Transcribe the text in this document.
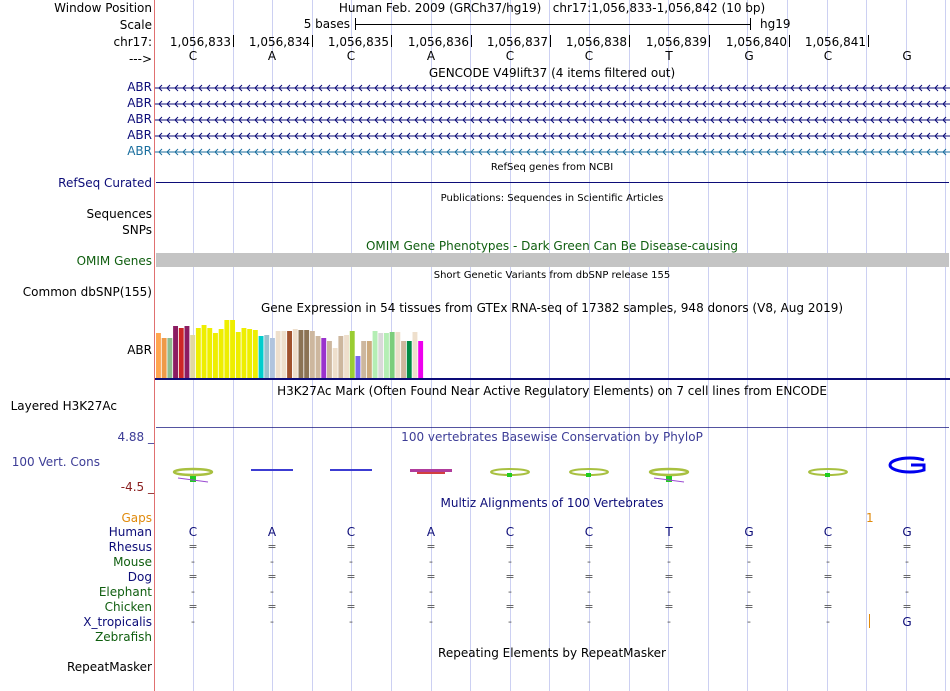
Window Position
Scale
chr17:
--->
Human Feb. 2009 (GRCh37/hg19)   chr17:1,056,833-1,056,842 (10 bp)
5 bases	hg19
1,056,833 1,056,834 1,056,835 1,056,836 1,056,837 1,056,838 1,056,839 1,056,840 1,056,841
C	A	C	A	C	C	T	G	C	G
GENCODE V49lift37 (4 items filtered out)
ABR
ABR
ABR
ABR
ABR
RefSeq genes from NCBI
RefSeq Curated
Publications: Sequences in Scientific Articles
Sequences
SNPs
OMIM Gene Phenotypes - Dark Green Can Be Disease-causing
OMIM Genes
Short Genetic Variants from dbSNP release 155
Common dbSNP(155)
Gene Expression in 54 tissues from GTEx RNA-seq of 17382 samples, 948 donors (V8, Aug 2019)
ABR
H3K27Ac Mark (Often Found Near Active Regulatory Elements) on 7 cell lines from ENCODE
Layered H3K27Ac
100 vertebrates Basewise Conservation by PhyloP
4.88 _
100 Vert. Cons
-4.5 _
Multiz Alignments of 100 Vertebrates
Gaps	1
Human	C	A	C	A	C	C	T	G	C	G
Rhesus	=	=	=	=	=	=	=	=	=	=
Mouse	-	-	-	-	-	-	-	-	-	-
Dog	=	=	=	=	=	=	=	=	=	=
Elephant	-	-	-	-	-	-	-	-	-	-
Chicken	=	=	=	=	=	=	=	=	=	=
X_tropicalis	-	-	-	-	-	-	-	-	-	G
Zebrafish
Repeating Elements by RepeatMasker
RepeatMasker
